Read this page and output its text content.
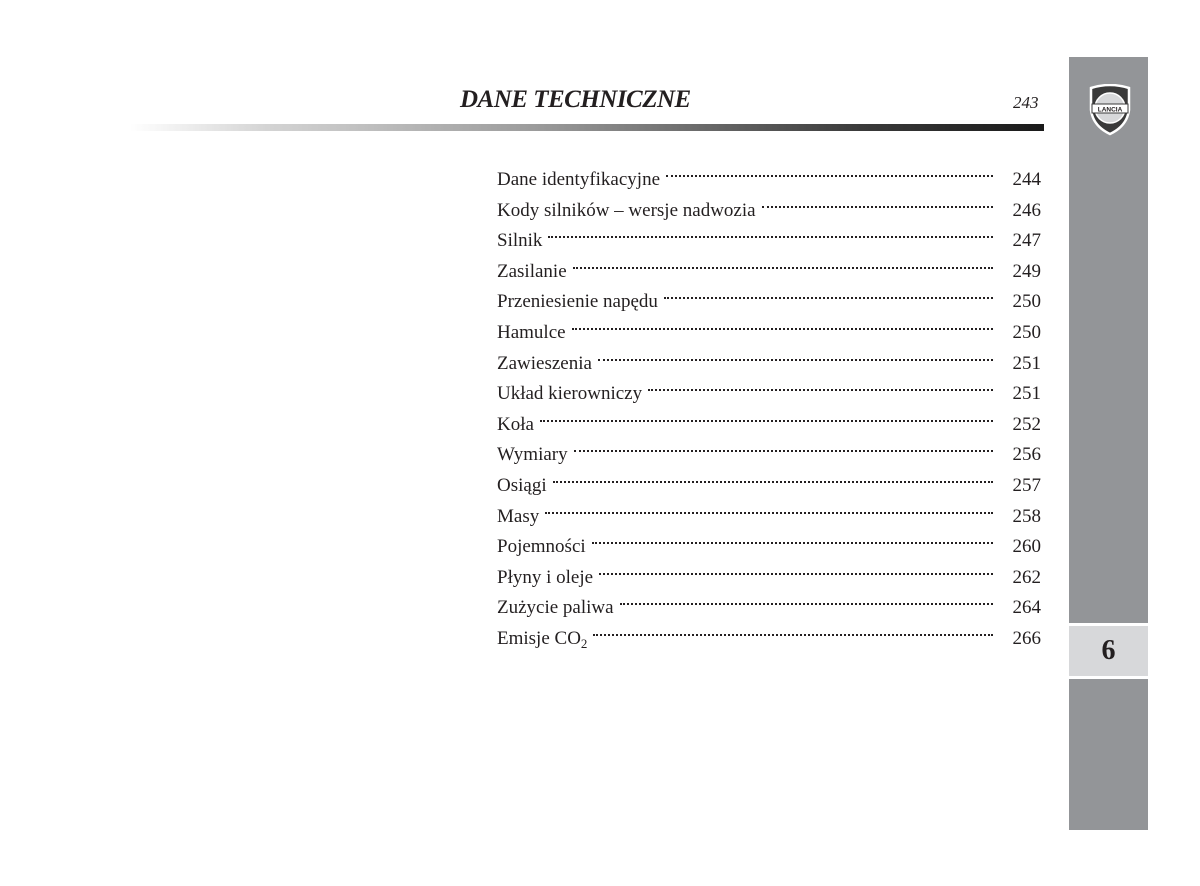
DANE TECHNICZNE	243	LANCIA
6
Dane identyfikacyjne	244
Kody silników – wersje nadwozia	246
Silnik	247
Zasilanie	249
Przeniesienie napędu	250
Hamulce	250
Zawieszenia	251
Układ kierowniczy	251
Koła	252
Wymiary	256
Osiągi	257
Masy	258
Pojemności	260
Płyny i oleje	262
Zużycie paliwa	264
Emisje $CO_2$	266
